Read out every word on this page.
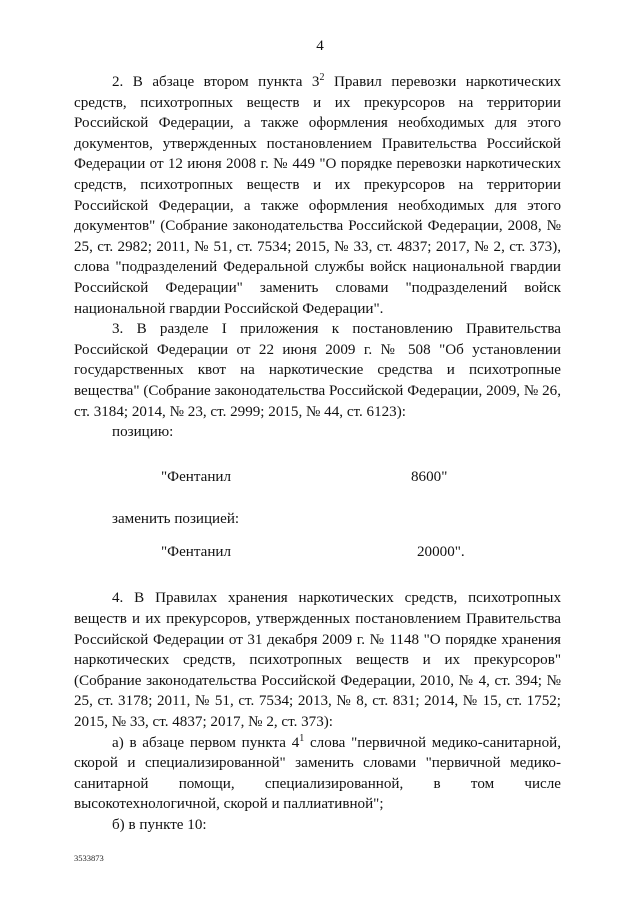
4

2. В абзаце втором пункта $3^2$ Правил перевозки наркотических средств, психотропных веществ и их прекурсоров на территории Российской Федерации, а также оформления необходимых для этого документов, утвержденных постановлением Правительства Российской Федерации от 12 июня 2008 г. № 449 "О порядке перевозки наркотических средств, психотропных веществ и их прекурсоров на территории Российской Федерации, а также оформления необходимых для этого документов" (Собрание законодательства Российской Федерации, 2008, № 25, ст. 2982; 2011, № 51, ст. 7534; 2015, № 33, ст. 4837; 2017, № 2, ст. 373), слова "подразделений Федеральной службы войск национальной гвардии Российской Федерации" заменить словами "подразделений войск национальной гвардии Российской Федерации".

3. В разделе I приложения к постановлению Правительства Российской Федерации от 22 июня 2009 г. № 508 "Об установлении государственных квот на наркотические средства и психотропные вещества" (Собрание законодательства Российской Федерации, 2009, № 26, ст. 3184; 2014, № 23, ст. 2999; 2015, № 44, ст. 6123):

позицию:

"Фентанил	8600"

заменить позицией:

"Фентанил	20000".

4. В Правилах хранения наркотических средств, психотропных веществ и их прекурсоров, утвержденных постановлением Правительства Российской Федерации от 31 декабря 2009 г. № 1148 "О порядке хранения наркотических средств, психотропных веществ и их прекурсоров" (Собрание законодательства Российской Федерации, 2010, № 4, ст. 394; № 25, ст. 3178; 2011, № 51, ст. 7534; 2013, № 8, ст. 831; 2014, № 15, ст. 1752; 2015, № 33, ст. 4837; 2017, № 2, ст. 373):

а) в абзаце первом пункта $4^1$ слова "первичной медико-санитарной, скорой и специализированной" заменить словами "первичной медико-санитарной помощи, специализированной, в том числе высокотехнологичной, скорой и паллиативной";

б) в пункте 10:

3533873
